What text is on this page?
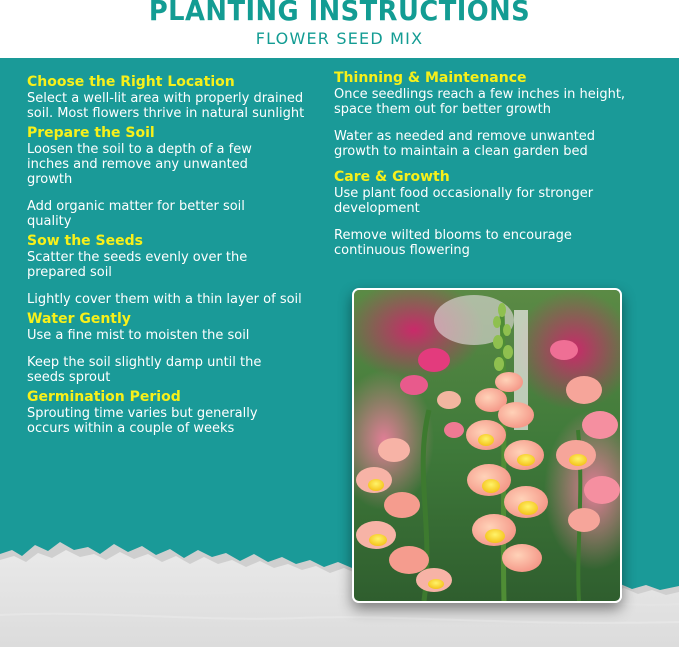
PLANTING INSTRUCTIONS
FLOWER SEED MIX
Choose the Right Location

Select a well-lit area with properly drained soil. Most flowers thrive in natural sunlight

Prepare the Soil

Loosen the soil to a depth of a few inches and remove any unwanted growth

Add organic matter for better soil quality

Sow the Seeds

Scatter the seeds evenly over the prepared soil

Lightly cover them with a thin layer of soil

Water Gently

Use a fine mist to moisten the soil

Keep the soil slightly damp until the seeds sprout

Germination Period

Sprouting time varies but generally occurs within a couple of weeks

Thinning & Maintenance

Once seedlings reach a few inches in height, space them out for better growth

Water as needed and remove unwanted growth to maintain a clean garden bed

Care & Growth

Use plant food occasionally for stronger development

Remove wilted blooms to encourage continuous flowering
